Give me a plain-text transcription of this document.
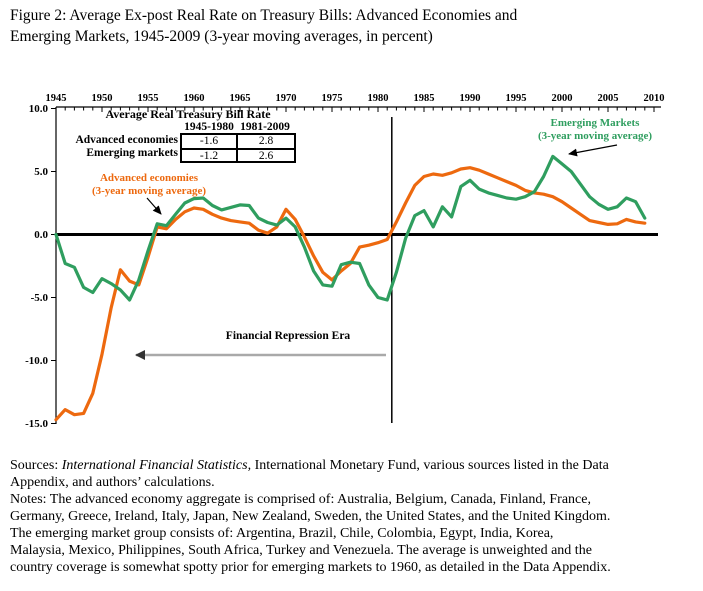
Figure 2: Average Ex-post Real Rate on Treasury Bills: Advanced Economies and
Emerging Markets, 1945-2009 (3-year moving averages, in percent)
1945 1950 1955 1960 1965 1970 1975 1980 1985 1990 1995 2000 2005 2010
10.0
5.0
0.0
-5.0
-10.0
-15.0
Average Real Treasury Bill Rate
1945-1980 1981-2009
Advanced economies
Emerging markets
-1.6	2.8
-1.2	2.6
Advanced economies
(3-year moving average)
Emerging Markets
(3-year moving average)
Financial Repression Era
Sources: International Financial Statistics, International Monetary Fund, various sources listed in the Data
Appendix, and authors’ calculations.
Notes: The advanced economy aggregate is comprised of: Australia, Belgium, Canada, Finland, France,
Germany, Greece, Ireland, Italy, Japan, New Zealand, Sweden, the United States, and the United Kingdom.
The emerging market group consists of: Argentina, Brazil, Chile, Colombia, Egypt, India, Korea,
Malaysia, Mexico, Philippines, South Africa, Turkey and Venezuela. The average is unweighted and the
country coverage is somewhat spotty prior for emerging markets to 1960, as detailed in the Data Appendix.
